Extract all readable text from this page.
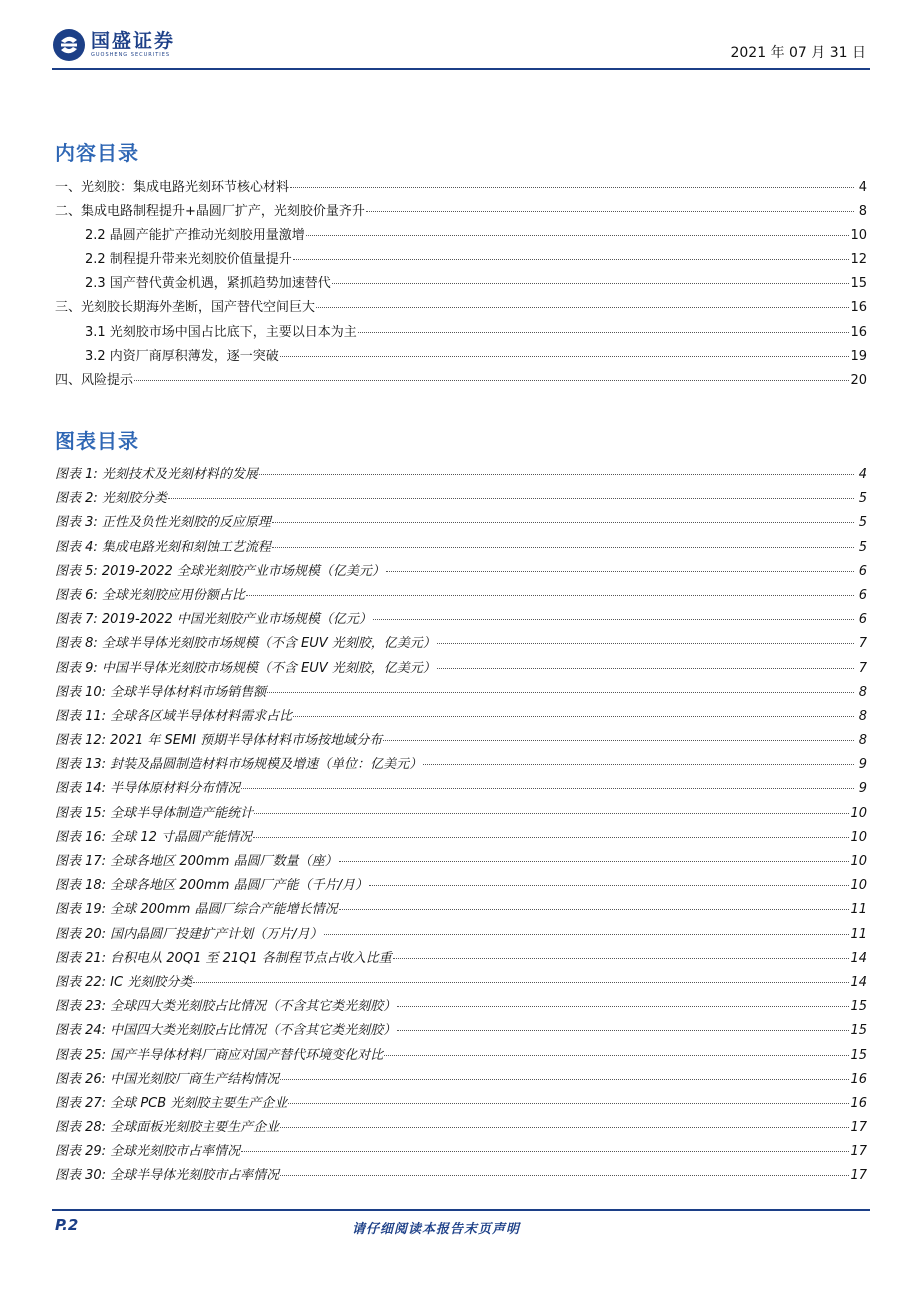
国盛证券
GUOSHENG SECURITIES	2021 年 07 月 31 日
内容目录
一、光刻胶：集成电路光刻环节核心材料	4
二、集成电路制程提升+晶圆厂扩产，光刻胶价量齐升	8
2.2 晶圆产能扩产推动光刻胶用量激增	10
2.2 制程提升带来光刻胶价值量提升	12
2.3 国产替代黄金机遇，紧抓趋势加速替代	15
三、光刻胶长期海外垄断，国产替代空间巨大	16
3.1 光刻胶市场中国占比底下，主要以日本为主	16
3.2 内资厂商厚积薄发，逐一突破	19
四、风险提示	20
图表目录
图表 1: 光刻技术及光刻材料的发展	4
图表 2: 光刻胶分类	5
图表 3: 正性及负性光刻胶的反应原理	5
图表 4: 集成电路光刻和刻蚀工艺流程	5
图表 5: 2019-2022 全球光刻胶产业市场规模（亿美元）	6
图表 6: 全球光刻胶应用份额占比	6
图表 7: 2019-2022 中国光刻胶产业市场规模（亿元）	6
图表 8: 全球半导体光刻胶市场规模（不含 EUV 光刻胶，亿美元）	7
图表 9: 中国半导体光刻胶市场规模（不含 EUV 光刻胶，亿美元）	7
图表 10: 全球半导体材料市场销售额	8
图表 11: 全球各区域半导体材料需求占比	8
图表 12: 2021 年 SEMI 预期半导体材料市场按地域分布	8
图表 13: 封装及晶圆制造材料市场规模及增速（单位：亿美元）	9
图表 14: 半导体原材料分布情况	9
图表 15: 全球半导体制造产能统计	10
图表 16: 全球 12 寸晶圆产能情况	10
图表 17: 全球各地区 200mm 晶圆厂数量（座）	10
图表 18: 全球各地区 200mm 晶圆厂产能（千片/月）	10
图表 19: 全球 200mm 晶圆厂综合产能增长情况	11
图表 20: 国内晶圆厂投建扩产计划（万片/月）	11
图表 21: 台积电从 20Q1 至 21Q1 各制程节点占收入比重	14
图表 22: IC 光刻胶分类	14
图表 23: 全球四大类光刻胶占比情况（不含其它类光刻胶）	15
图表 24: 中国四大类光刻胶占比情况（不含其它类光刻胶）	15
图表 25: 国产半导体材料厂商应对国产替代环境变化对比	15
图表 26: 中国光刻胶厂商生产结构情况	16
图表 27: 全球 PCB 光刻胶主要生产企业	16
图表 28: 全球面板光刻胶主要生产企业	17
图表 29: 全球光刻胶市占率情况	17
图表 30: 全球半导体光刻胶市占率情况	17
P.2	请仔细阅读本报告末页声明
